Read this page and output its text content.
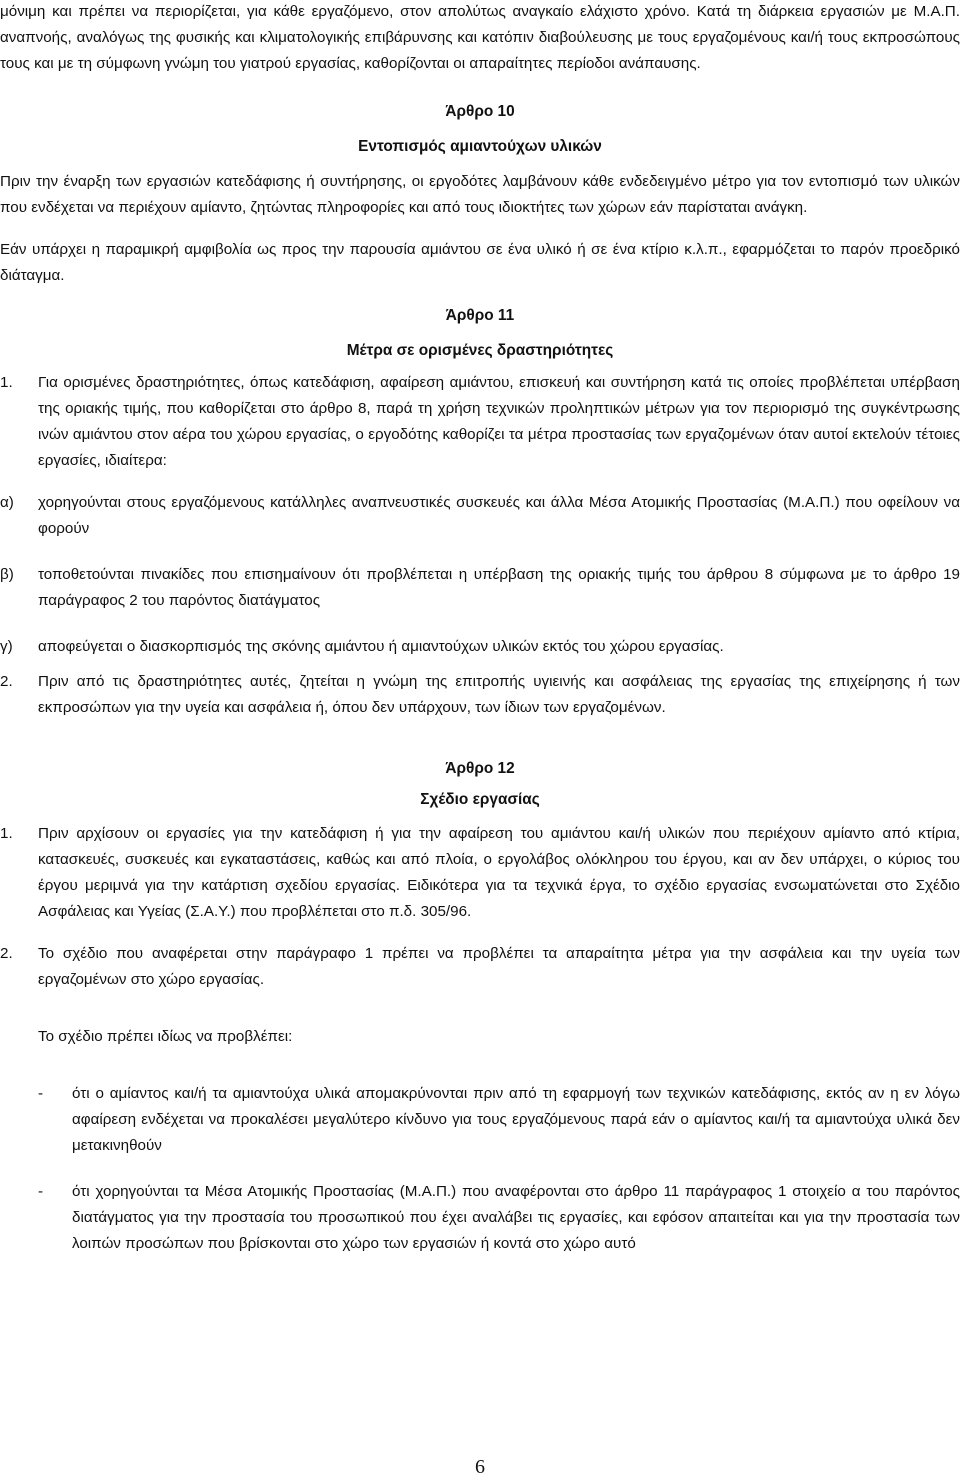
μόνιμη και πρέπει να περιορίζεται, για κάθε εργαζόμενο, στον απολύτως αναγκαίο ελάχιστο χρόνο. Κατά τη διάρκεια εργασιών με Μ.Α.Π. αναπνοής, αναλόγως της φυσικής και κλιματολογικής επιβάρυνσης και κατόπιν διαβούλευσης με τους εργαζομένους και/ή τους εκπροσώπους τους και με τη σύμφωνη γνώμη του γιατρού εργασίας, καθορίζονται οι απαραίτητες περίοδοι ανάπαυσης.

Άρθρο 10

Εντοπισμός αμιαντούχων υλικών

Πριν την έναρξη των εργασιών κατεδάφισης ή συντήρησης, οι εργοδότες λαμβάνουν κάθε ενδεδειγμένο μέτρο για τον εντοπισμό των υλικών που ενδέχεται να περιέχουν αμίαντο, ζητώντας πληροφορίες και από τους ιδιοκτήτες των χώρων εάν παρίσταται ανάγκη.

Εάν υπάρχει η παραμικρή αμφιβολία ως προς την παρουσία αμιάντου σε ένα υλικό ή σε ένα κτίριο κ.λ.π., εφαρμόζεται το παρόν προεδρικό διάταγμα.

Άρθρο 11

Μέτρα σε ορισμένες δραστηριότητες

1.	Για ορισμένες δραστηριότητες, όπως κατεδάφιση, αφαίρεση αμιάντου, επισκευή και συντήρηση κατά τις οποίες προβλέπεται υπέρβαση της οριακής τιμής, που καθορίζεται στο άρθρο 8, παρά τη χρήση τεχνικών προληπτικών μέτρων για τον περιορισμό της συγκέντρωσης ινών αμιάντου στον αέρα του χώρου εργασίας, ο εργοδότης καθορίζει τα μέτρα προστασίας των εργαζομένων όταν αυτοί εκτελούν τέτοιες εργασίες, ιδιαίτερα:
α)	χορηγούνται στους εργαζόμενους κατάλληλες αναπνευστικές συσκευές και άλλα Μέσα Ατομικής Προστασίας (Μ.Α.Π.) που οφείλουν να φορούν
β)	τοποθετούνται πινακίδες που επισημαίνουν ότι προβλέπεται η υπέρβαση της οριακής τιμής του άρθρου 8 σύμφωνα με το άρθρο 19 παράγραφος 2 του παρόντος διατάγματος
γ)	αποφεύγεται ο διασκορπισμός της σκόνης αμιάντου ή αμιαντούχων υλικών εκτός του χώρου εργασίας.
2.	Πριν από τις δραστηριότητες αυτές, ζητείται η γνώμη της επιτροπής υγιεινής και ασφάλειας της εργασίας της επιχείρησης ή των εκπροσώπων για την υγεία και ασφάλεια ή, όπου δεν υπάρχουν, των ίδιων των εργαζομένων.

Άρθρο 12

Σχέδιο εργασίας

1.	Πριν αρχίσουν οι εργασίες για την κατεδάφιση ή για την αφαίρεση του αμιάντου και/ή υλικών που περιέχουν αμίαντο από κτίρια, κατασκευές, συσκευές και εγκαταστάσεις, καθώς και από πλοία, ο εργολάβος ολόκληρου του έργου, και αν δεν υπάρχει, ο κύριος του έργου μεριμνά για την κατάρτιση σχεδίου εργασίας. Ειδικότερα για τα τεχνικά έργα, το σχέδιο εργασίας ενσωματώνεται στο Σχέδιο Ασφάλειας και Υγείας (Σ.Α.Υ.) που προβλέπεται στο π.δ. 305/96.
2.	Το σχέδιο που αναφέρεται στην παράγραφο 1 πρέπει να προβλέπει τα απαραίτητα μέτρα για την ασφάλεια και την υγεία των εργαζομένων στο χώρο εργασίας.

Το σχέδιο πρέπει ιδίως να προβλέπει:

-	ότι ο αμίαντος και/ή τα αμιαντούχα υλικά απομακρύνονται πριν από τη εφαρμογή των τεχνικών κατεδάφισης, εκτός αν η εν λόγω αφαίρεση ενδέχεται να προκαλέσει μεγαλύτερο κίνδυνο για τους εργαζόμενους παρά εάν ο αμίαντος και/ή τα αμιαντούχα υλικά δεν μετακινηθούν
-	ότι χορηγούνται τα Μέσα Ατομικής Προστασίας (Μ.Α.Π.) που αναφέρονται στο άρθρο 11 παράγραφος 1 στοιχείο α του παρόντος διατάγματος για την προστασία του προσωπικού που έχει αναλάβει τις εργασίες, και εφόσον απαιτείται και για την προστασία των λοιπών προσώπων που βρίσκονται στο χώρο των εργασιών ή κοντά στο χώρο αυτό
6
